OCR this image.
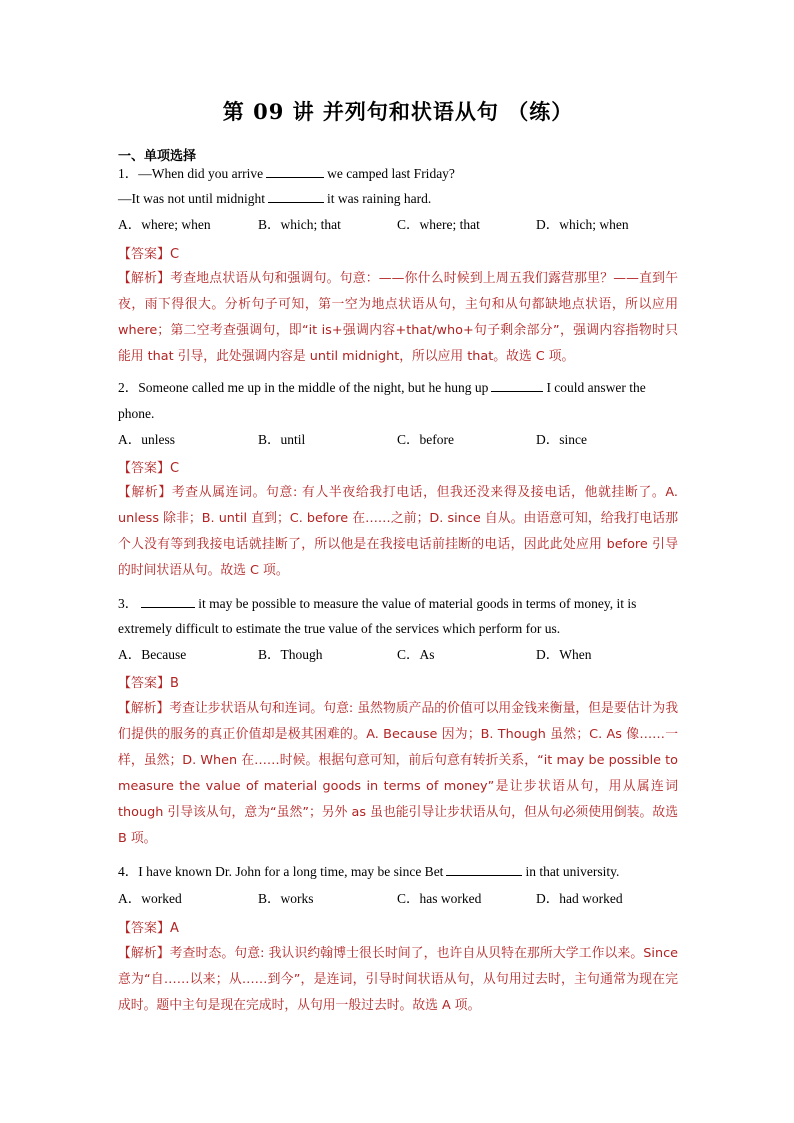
第 09 讲 并列句和状语从句 （练）
一、单项选择
1．—When did you arrive	we camped last Friday?
—It was not until midnight	it was raining hard.
A．where; when	B．which; that	C．where; that	D．which; when
【答案】C
【解析】考查地点状语从句和强调句。句意：——你什么时候到上周五我们露营那里？——直到午夜，雨下得很大。分析句子可知，第一空为地点状语从句，主句和从句都缺地点状语，所以应用 where；第二空考查强调句，即“it is+强调内容+that/who+句子剩余部分”，强调内容指物时只能用 that 引导，此处强调内容是 until midnight，所以应用 that。故选 C 项。
2．Someone called me up in the middle of the night, but he hung up	I could answer the
phone.
A．unless	B．until	C．before	D．since
【答案】C
【解析】考查从属连词。句意: 有人半夜给我打电话，但我还没来得及接电话，他就挂断了。A. unless 除非；B. until 直到；C. before 在……之前；D. since 自从。由语意可知，给我打电话那个人没有等到我接电话就挂断了，所以他是在我接电话前挂断的电话，因此此处应用 before 引导的时间状语从句。故选 C 项。
3．	it may be possible to measure the value of material goods in terms of money, it is
extremely difficult to estimate the true value of the services which perform for us.
A．Because	B．Though	C．As	D．When
【答案】B
【解析】考查让步状语从句和连词。句意: 虽然物质产品的价值可以用金钱来衡量，但是要估计为我们提供的服务的真正价值却是极其困难的。A. Because 因为；B. Though 虽然；C. As 像……一样，虽然；D. When 在……时候。根据句意可知，前后句意有转折关系，“it may be possible to measure the value of material goods in terms of money”是让步状语从句，用从属连词 though 引导该从句，意为“虽然”；另外 as 虽也能引导让步状语从句，但从句必须使用倒装。故选 B 项。
4．I have known Dr. John for a long time, may be since Bet	in that university.
A．worked	B．works	C．has worked	D．had worked
【答案】A
【解析】考查时态。句意: 我认识约翰博士很长时间了，也许自从贝特在那所大学工作以来。Since 意为“自……以来；从……到今”，是连词，引导时间状语从句，从句用过去时，主句通常为现在完成时。题中主句是现在完成时，从句用一般过去时。故选 A 项。
